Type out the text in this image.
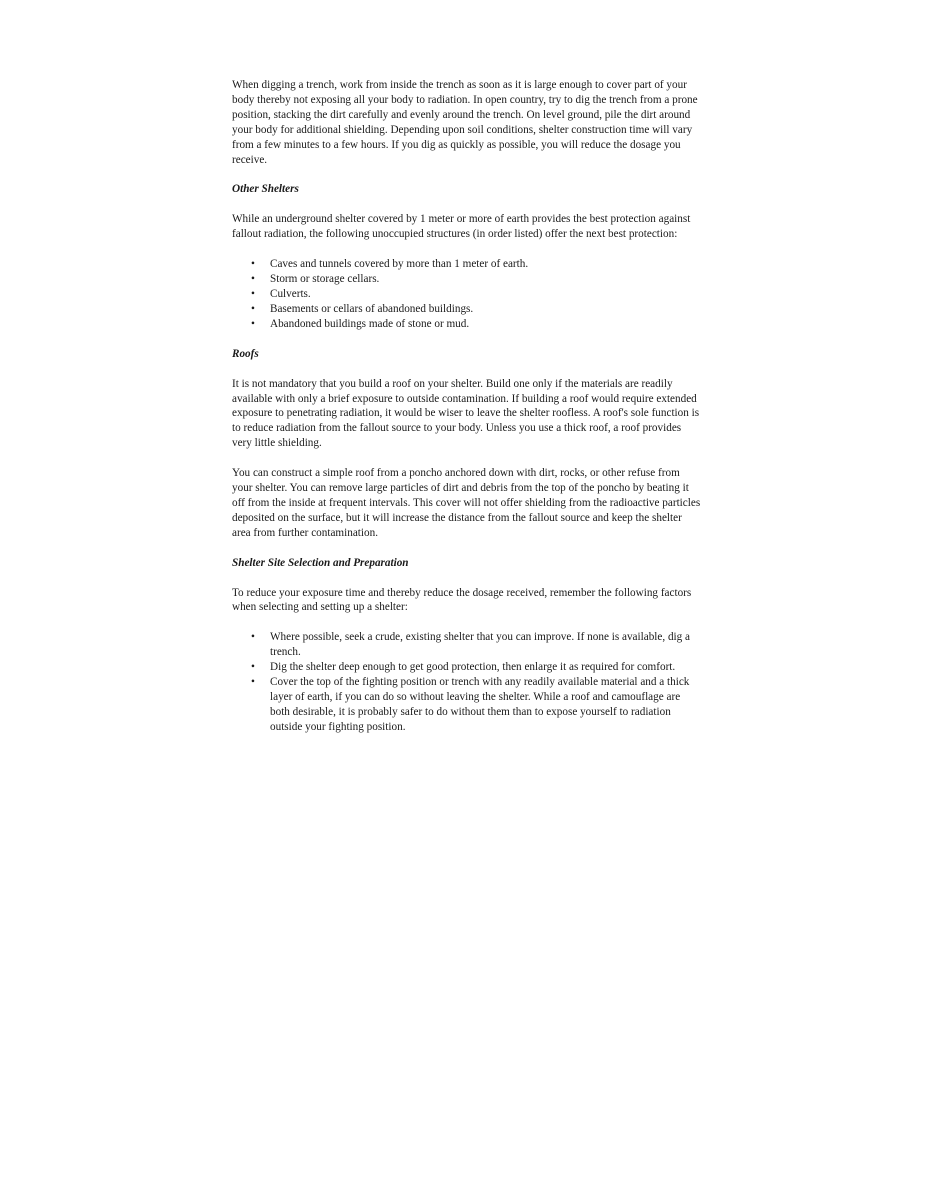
When digging a trench, work from inside the trench as soon as it is large enough to cover part of your body thereby not exposing all your body to radiation. In open country, try to dig the trench from a prone position, stacking the dirt carefully and evenly around the trench. On level ground, pile the dirt around your body for additional shielding. Depending upon soil conditions, shelter construction time will vary from a few minutes to a few hours. If you dig as quickly as possible, you will reduce the dosage you receive.

Other Shelters

While an underground shelter covered by 1 meter or more of earth provides the best protection against fallout radiation, the following unoccupied structures (in order listed) offer the next best protection:

• Caves and tunnels covered by more than 1 meter of earth.
• Storm or storage cellars.
• Culverts.
• Basements or cellars of abandoned buildings.
• Abandoned buildings made of stone or mud.

Roofs

It is not mandatory that you build a roof on your shelter. Build one only if the materials are readily available with only a brief exposure to outside contamination. If building a roof would require extended exposure to penetrating radiation, it would be wiser to leave the shelter roofless. A roof's sole function is to reduce radiation from the fallout source to your body. Unless you use a thick roof, a roof provides very little shielding.

You can construct a simple roof from a poncho anchored down with dirt, rocks, or other refuse from your shelter. You can remove large particles of dirt and debris from the top of the poncho by beating it off from the inside at frequent intervals. This cover will not offer shielding from the radioactive particles deposited on the surface, but it will increase the distance from the fallout source and keep the shelter area from further contamination.

Shelter Site Selection and Preparation

To reduce your exposure time and thereby reduce the dosage received, remember the following factors when selecting and setting up a shelter:

• Where possible, seek a crude, existing shelter that you can improve. If none is available, dig a trench.
• Dig the shelter deep enough to get good protection, then enlarge it as required for comfort.
• Cover the top of the fighting position or trench with any readily available material and a thick layer of earth, if you can do so without leaving the shelter. While a roof and camouflage are both desirable, it is probably safer to do without them than to expose yourself to radiation outside your fighting position.
